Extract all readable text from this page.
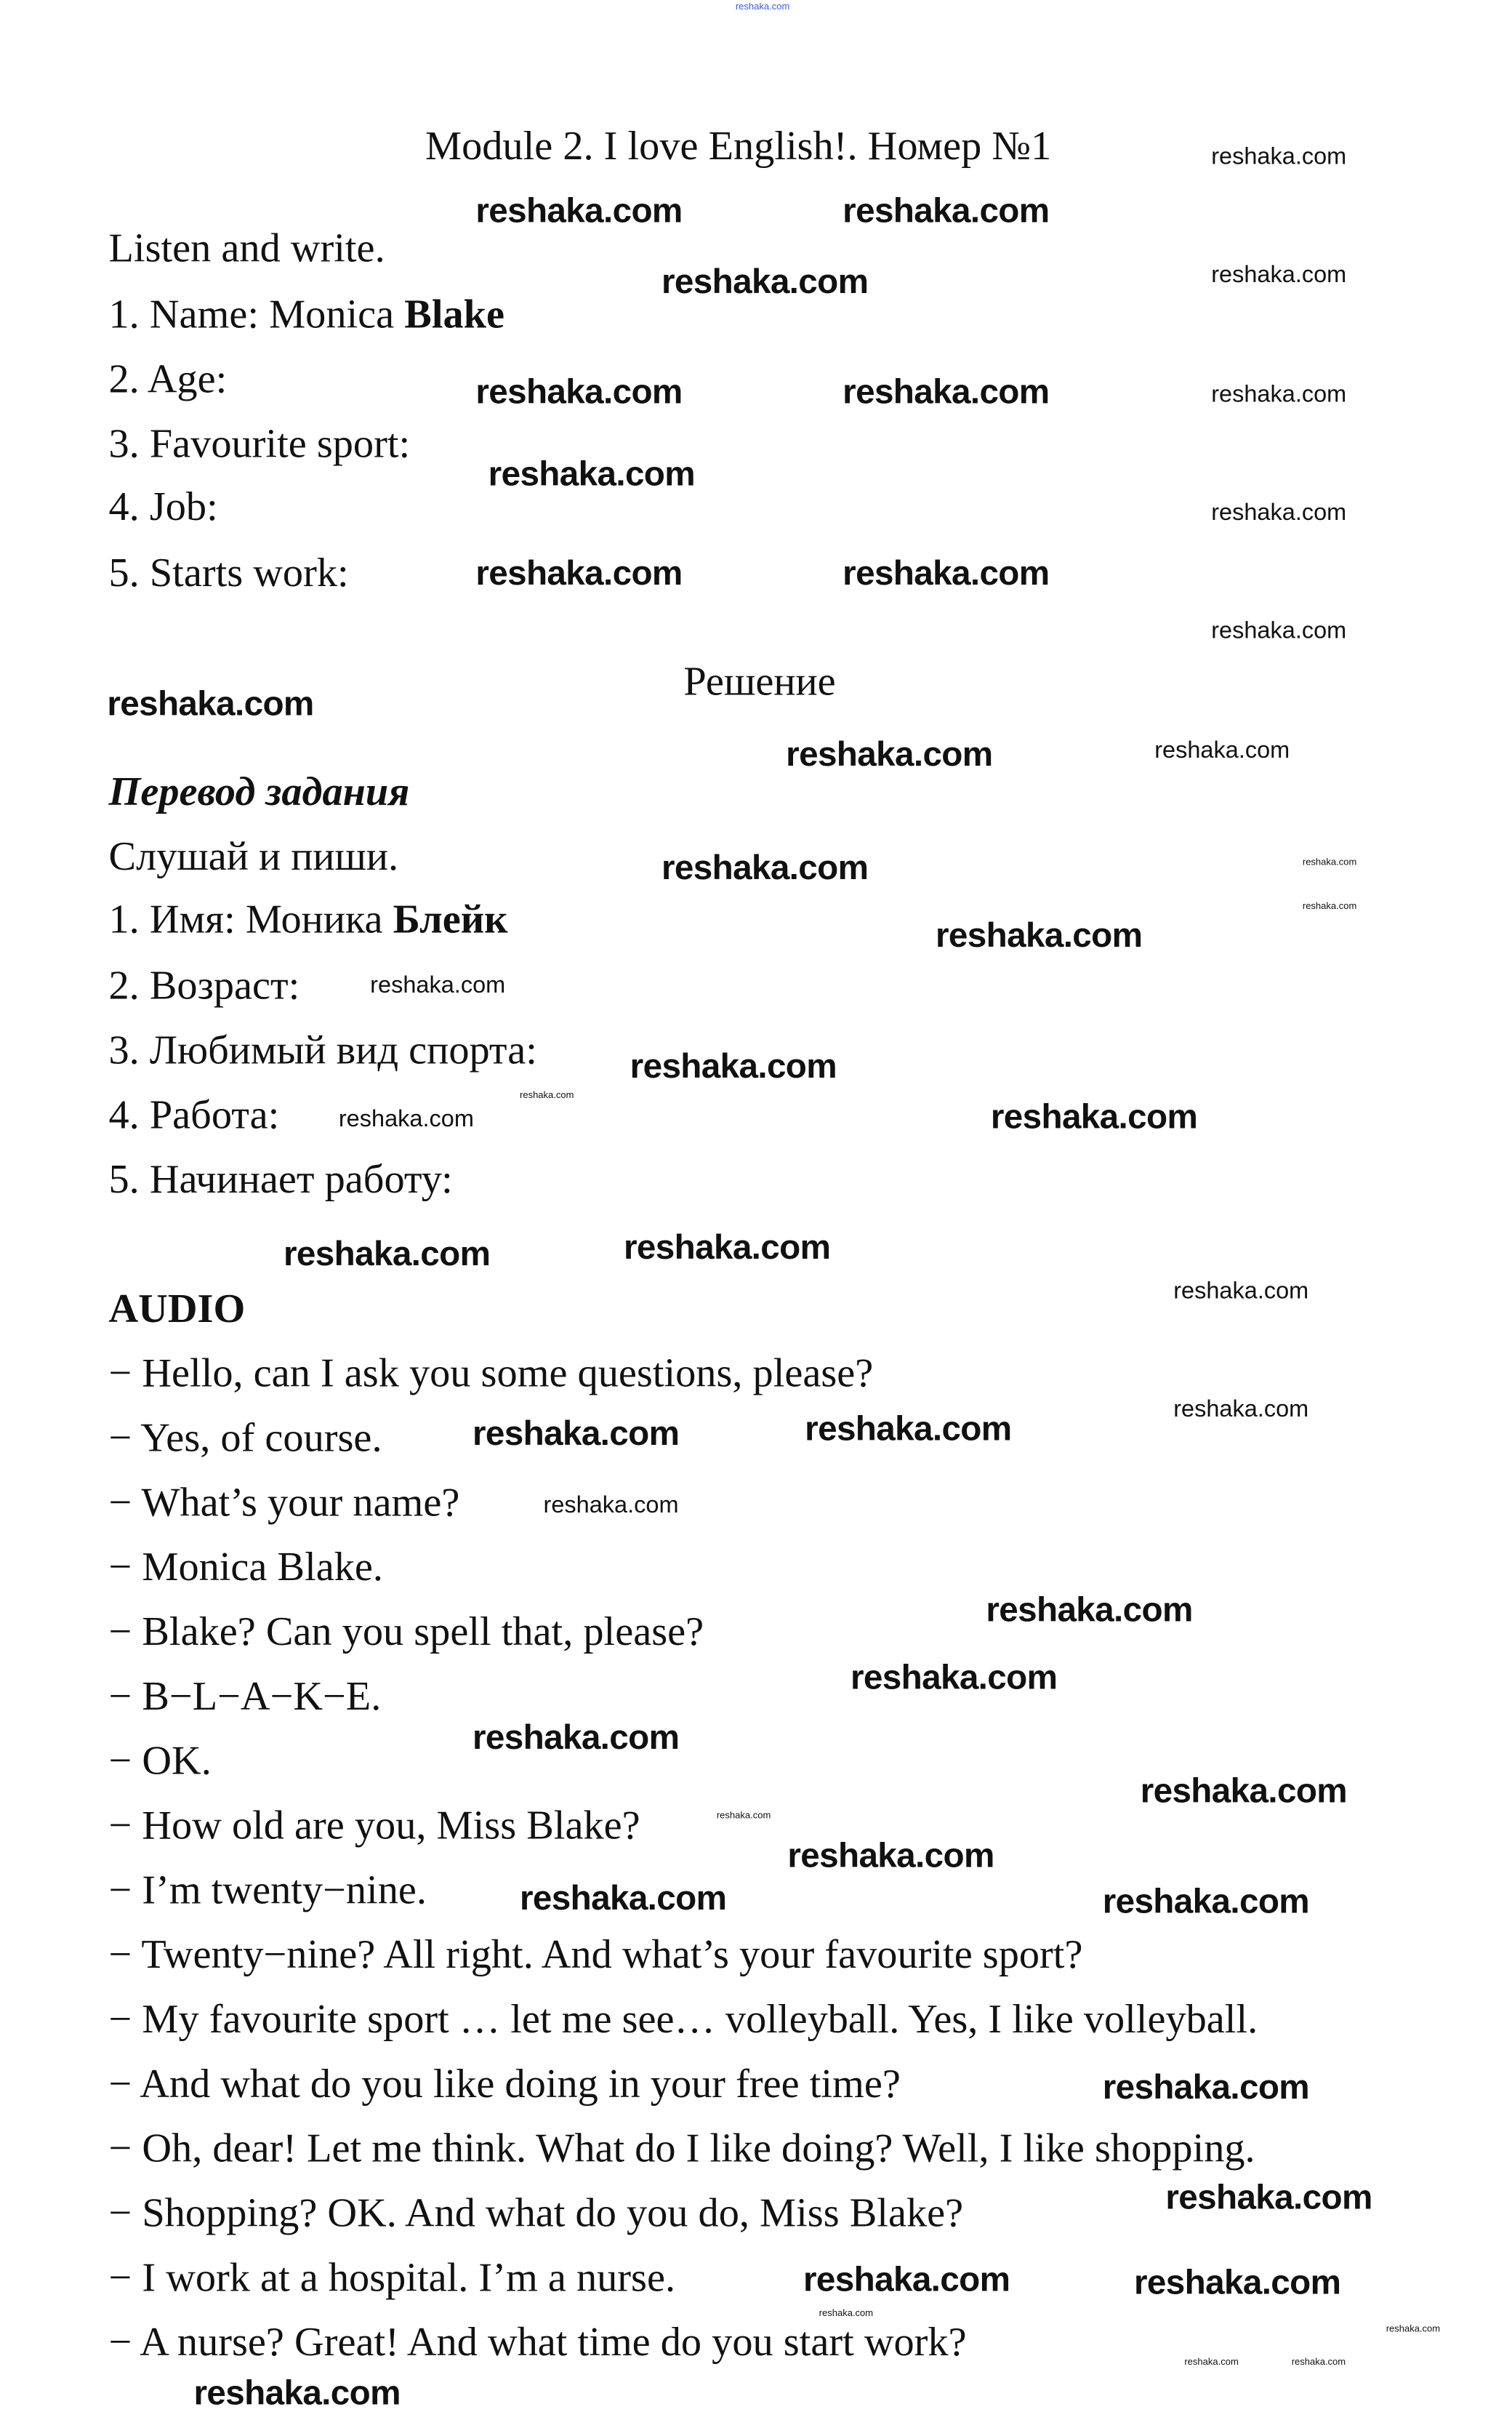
Module 2. I love English!. Номер №1
Listen and write.
1. Name: Monica Blake
2. Age:
3. Favourite sport:
4. Job:
5. Starts work:
Решение
Перевод задания
Слушай и пиши.
1. Имя: Моника Блейк
2. Возраст:
3. Любимый вид спорта:
4. Работа:
5. Начинает работу:
AUDIO
− Hello, can I ask you some questions, please?
− Yes, of course.
− What’s your name?
− Monica Blake.
− Blake? Can you spell that, please?
− B−L−A−K−E.
− OK.
− How old are you, Miss Blake?
− I’m twenty−nine.
− Twenty−nine? All right. And what’s your favourite sport?
− My favourite sport … let me see… volleyball. Yes, I like volleyball.
− And what do you like doing in your free time?
− Oh, dear! Let me think. What do I like doing? Well, I like shopping.
− Shopping? OK. And what do you do, Miss Blake?
− I work at a hospital. I’m a nurse.
− A nurse? Great! And what time do you start work?
reshaka.com
reshaka.com
reshaka.com	reshaka.com
reshaka.com
reshaka.com
reshaka.com	reshaka.com	reshaka.com
reshaka.com
reshaka.com
reshaka.com	reshaka.com
reshaka.com
reshaka.com
reshaka.com	reshaka.com
reshaka.com
reshaka.com
reshaka.com
reshaka.com
reshaka.com
reshaka.com
reshaka.com
reshaka.com	reshaka.com
reshaka.com
reshaka.com
reshaka.com
reshaka.com
reshaka.com
reshaka.com
reshaka.com
reshaka.com
reshaka.com
reshaka.com
reshaka.com
reshaka.com
reshaka.com
reshaka.com
reshaka.com
reshaka.com
reshaka.com
reshaka.com
reshaka.com
reshaka.com
reshaka.com
reshaka.com
reshaka.com	reshaka.com
